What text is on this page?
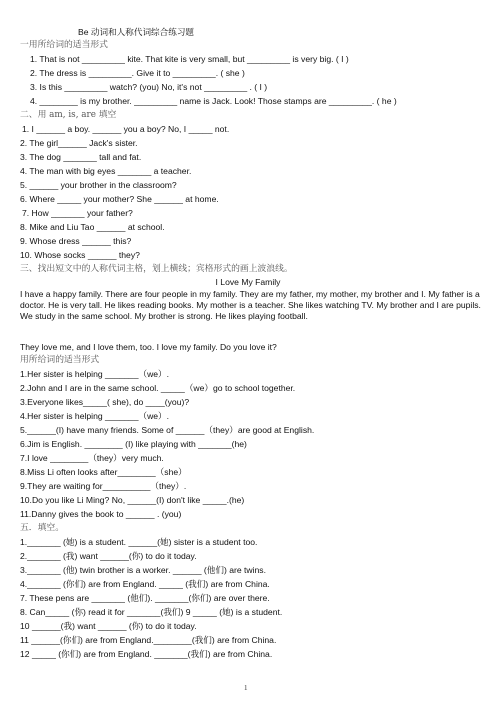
Be 动词和人称代词综合练习题
一用所给词的适当形式
1. That is not _________ kite. That kite is very small, but _________ is very big. ( I )
2. The dress is _________. Give it to _________. ( she )
3. Is this _________ watch? (you) No, it's not _________ . ( I )
4. ________ is my brother. _________ name is Jack. Look! Those stamps are _________. ( he )
二、用 am, is, are 填空
1. I ______ a boy. ______ you a boy? No, I _____ not.
2. The girl______ Jack's sister.
3. The dog _______ tall and fat.
4. The man with big eyes _______ a teacher.
5. ______ your brother in the classroom?
6. Where _____ your mother? She ______ at home.
7. How _______ your father?
8. Mike and Liu Tao ______ at school.
9. Whose dress ______ this?
10. Whose socks ______ they?
三、找出短文中的人称代词主格，划上横线；宾格形式的画上波浪线。
I Love My Family
I have a happy family. There are four people in my family. They are my father, my mother, my brother and I. My father is a doctor. He is very tall. He likes reading books. My mother is a teacher. She likes watching TV. My brother and I are pupils. We study in the same school. My brother is strong. He likes playing football.
They love me, and I love them, too. I love my family. Do you love it?
用所给词的适当形式
1.Her sister is helping _______（we）.
2.John and I are in the same school. _____（we）go to school together.
3.Everyone likes_____( she), do ____(you)?
4.Her sister is helping _______（we）.
5.______(I) have many friends. Some of ______（they）are good at English.
6.Jim is English. ________ (I) like playing with _______(he)
7.I love ________（they）very much.
8.Miss Li often looks after________（she）
9.They are waiting for__________（they）.
10.Do you like Li Ming? No, ______(I) don't like _____.(he)
11.Danny gives the book to ______ . (you)
五．填空。
1._______ (她) is a student. ______(她) sister is a student too.
2._______ (我) want ______(你) to do it today.
3._______ (他) twin brother is a worker. ______ (他们) are twins.
4._______ (你们) are from England. _____ (我们) are from China.
7. These pens are _______ (他们). _______(你们) are over there.
8. Can_____ (你) read it for _______(我们) 9 _____ (她) is a student.
10 ______(我) want ______ (你) to do it today.
11 ______(你们) are from England.________(我们) are from China.
12 _____ (你们) are from England. _______(我们) are from China.
1
